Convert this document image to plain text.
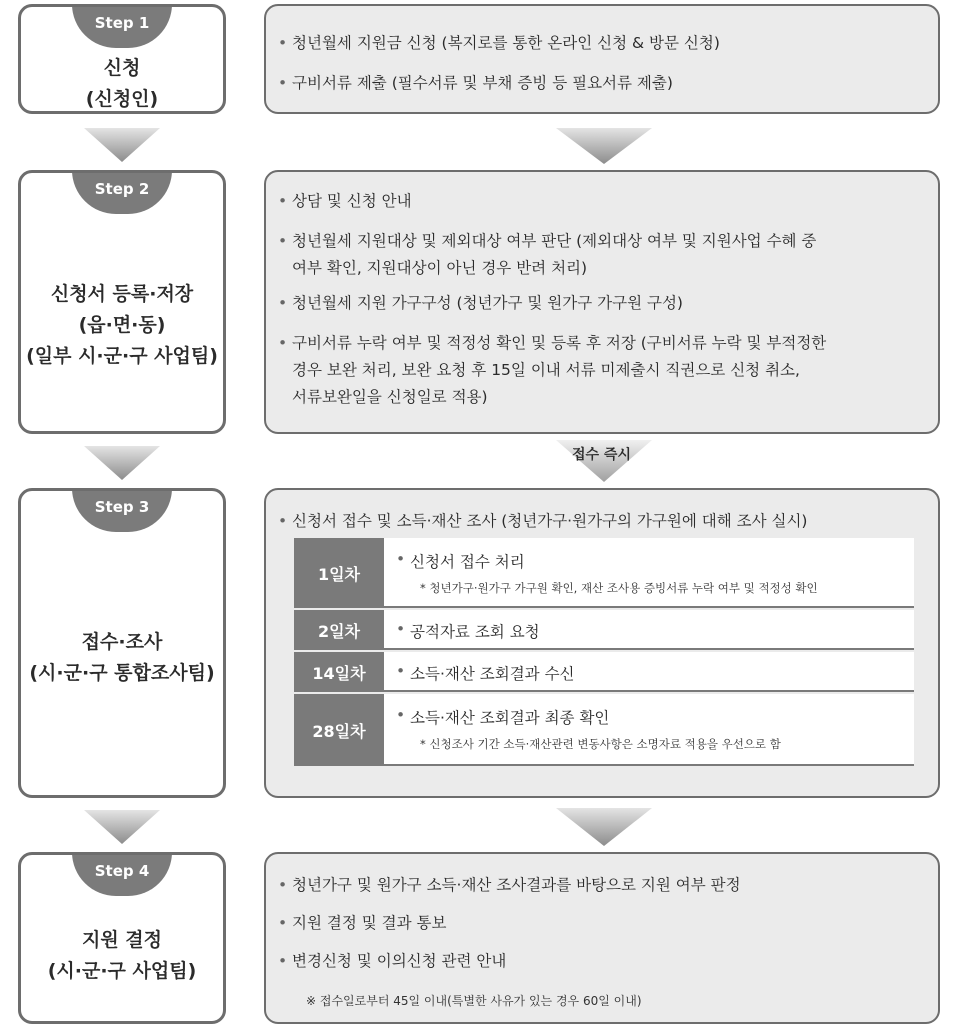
Step 1
신청
(신청인)
• 청년월세 지원금 신청 (복지로를 통한 온라인 신청 & 방문 신청)
• 구비서류 제출 (필수서류 및 부채 증빙 등 필요서류 제출)
Step 2
신청서 등록·저장
(읍·면·동)
(일부 시·군·구 사업팀)
• 상담 및 신청 안내
• 청년월세 지원대상 및 제외대상 여부 판단 (제외대상 여부 및 지원사업 수혜 중
여부 확인, 지원대상이 아닌 경우 반려 처리)
• 청년월세 지원 가구구성 (청년가구 및 원가구 가구원 구성)
• 구비서류 누락 여부 및 적정성 확인 및 등록 후 저장 (구비서류 누락 및 부적정한
경우 보완 처리, 보완 요청 후 15일 이내 서류 미제출시 직권으로 신청 취소,
서류보완일을 신청일로 적용)
접수 즉시
Step 3
접수·조사
(시·군·구 통합조사팀)
• 신청서 접수 및 소득·재산 조사 (청년가구·원가구의 가구원에 대해 조사 실시)
1일차
• 신청서 접수 처리
* 청년가구·원가구 가구원 확인, 재산 조사용 증빙서류 누락 여부 및 적정성 확인
2일차	• 공적자료 조회 요청
14일차	• 소득·재산 조회결과 수신
28일차
• 소득·재산 조회결과 최종 확인
* 신청조사 기간 소득·재산관련 변동사항은 소명자료 적용을 우선으로 함
Step 4
지원 결정
(시·군·구 사업팀)
• 청년가구 및 원가구 소득·재산 조사결과를 바탕으로 지원 여부 판정
• 지원 결정 및 결과 통보
• 변경신청 및 이의신청 관련 안내
※ 접수일로부터 45일 이내(특별한 사유가 있는 경우 60일 이내)
